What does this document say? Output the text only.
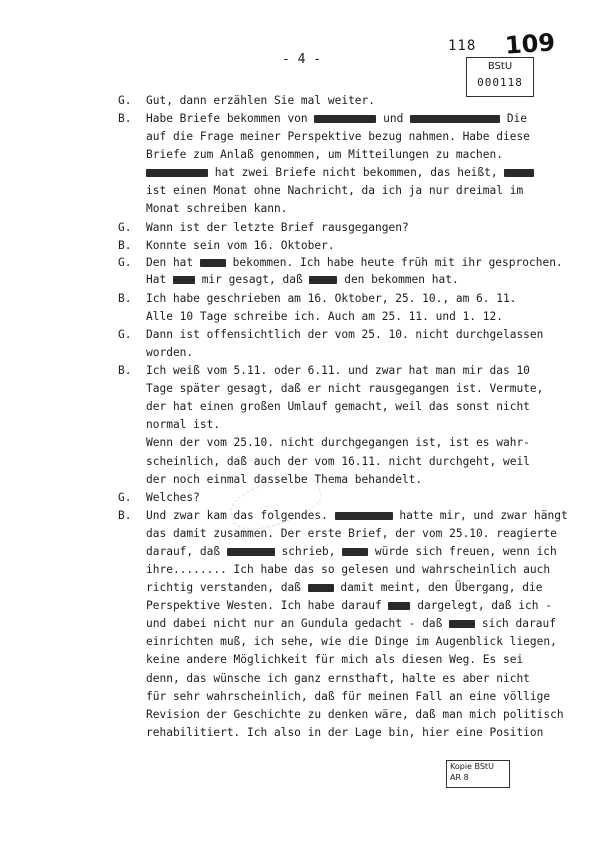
- 4 -
118 109
BStU
000118
G. Gut, dann erzählen Sie mal weiter.
B. Habe Briefe bekommen von	und	Die
auf die Frage meiner Perspektive bezug nahmen. Habe diese
Briefe zum Anlaß genommen, um Mitteilungen zu machen.
hat zwei Briefe nicht bekommen, das heißt,
ist einen Monat ohne Nachricht, da ich ja nur dreimal im
Monat schreiben kann.
G. Wann ist der letzte Brief rausgegangen?
B. Konnte sein vom 16. Oktober.
G. Den hat  bekommen. Ich habe heute früh mit ihr gesprochen.
Hat  mir gesagt, daß	den bekommen hat.
B. Ich habe geschrieben am 16. Oktober, 25. 10., am 6. 11.
Alle 10 Tage schreibe ich. Auch am 25. 11. und 1. 12.
G. Dann ist offensichtlich der vom 25. 10. nicht durchgelassen
worden.
B. Ich weiß vom 5.11. oder 6.11. und zwar hat man mir das 10
Tage später gesagt, daß er nicht rausgegangen ist. Vermute,
der hat einen großen Umlauf gemacht, weil das sonst nicht
normal ist.
Wenn der vom 25.10. nicht durchgegangen ist, ist es wahr-
scheinlich, daß auch der vom 16.11. nicht durchgeht, weil
der noch einmal dasselbe Thema behandelt.
G. Welches?
B. Und zwar kam das folgendes.	hatte mir, und zwar hängt
das damit zusammen. Der erste Brief, der vom 25.10. reagierte
darauf, daß	schrieb,  würde sich freuen, wenn ich
ihre........ Ich habe das so gelesen und wahrscheinlich auch
richtig verstanden, daß  damit meint, den Übergang, die
Perspektive Westen. Ich habe darauf  dargelegt, daß ich -
und dabei nicht nur an Gundula gedacht - daß  sich darauf
einrichten muß, ich sehe, wie die Dinge im Augenblick liegen,
keine andere Möglichkeit für mich als diesen Weg. Es sei
denn, das wünsche ich ganz ernsthaft, halte es aber nicht
für sehr wahrscheinlich, daß für meinen Fall an eine völlige
Revision der Geschichte zu denken wäre, daß man mich politisch
rehabilitiert. Ich also in der Lage bin, hier eine Position
Kopie BStU
AR 8
